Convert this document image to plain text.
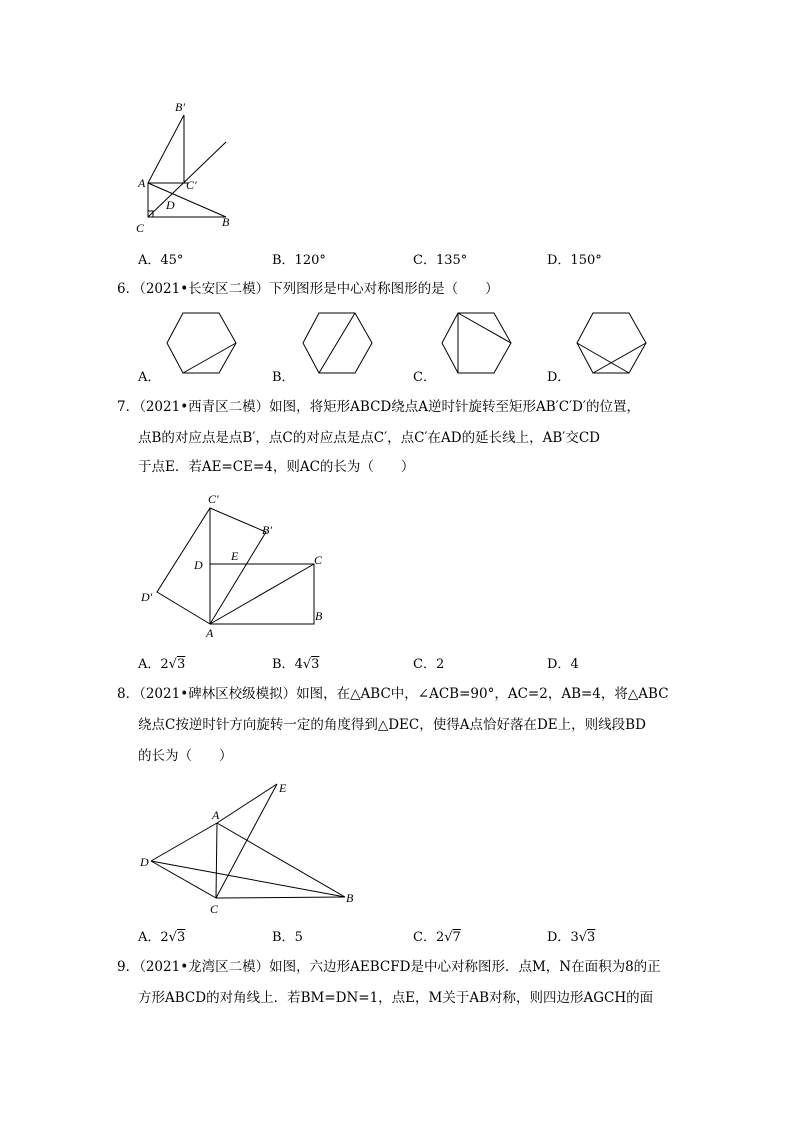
B'
A	C'
D
C	B
A．45°	B．120°	C．135°	D．150°
6．（2021•长安区二模）下列图形是中心对称图形的是（　　）
A．	B．	C．	D．
7．（2021•西青区二模）如图，将矩形ABCD绕点A逆时针旋转至矩形AB′C′D′的位置，
点B的对应点是点B′，点C的对应点是点C′，点C′在AD的延长线上，AB′交CD
于点E．若AE=CE=4，则AC的长为（　　）
C'
B'
E
D	C
D'
A
B
A．2√3	B．4√3	C．2	D．4
8．（2021•碑林区校级模拟）如图，在△ABC中，∠ACB=90°，AC=2，AB=4，将△ABC
绕点C按逆时针方向旋转一定的角度得到△DEC，使得A点恰好落在DE上，则线段BD
的长为（　　）
E
A
D
C
B
A．2√3	B．5	C．2√7	D．3√3
9．（2021•龙湾区二模）如图，六边形AEBCFD是中心对称图形．点M，N在面积为8的正
方形ABCD的对角线上．若BM=DN=1，点E，M关于AB对称，则四边形AGCH的面
